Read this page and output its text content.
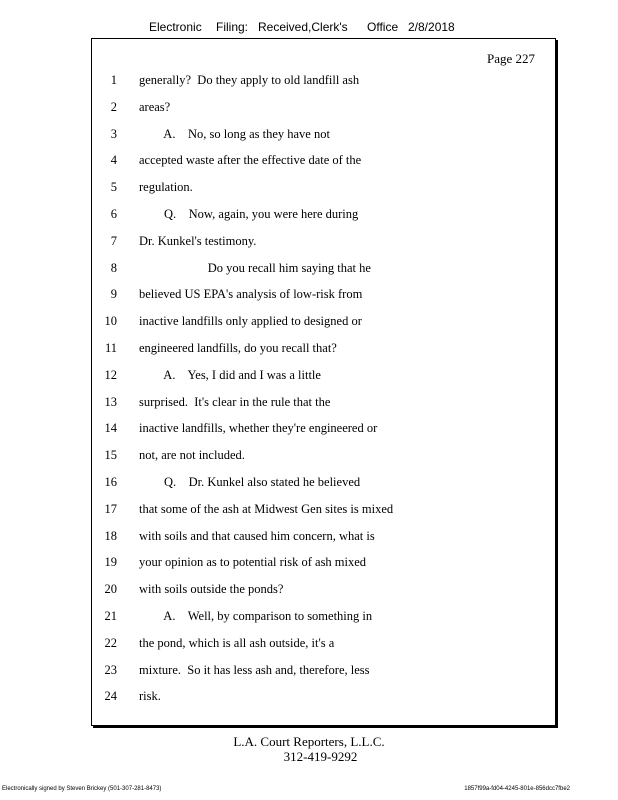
Electronic Filing: Received,Clerk's Office 2/8/2018
Page 227
1 generally?  Do they apply to old landfill ash
2 areas?
3 A.    No, so long as they have not
4 accepted waste after the effective date of the
5 regulation.
6 Q.    Now, again, you were here during
7 Dr. Kunkel's testimony.
8 Do you recall him saying that he
9 believed US EPA's analysis of low-risk from
10 inactive landfills only applied to designed or
11 engineered landfills, do you recall that?
12 A.    Yes, I did and I was a little
13 surprised.  It's clear in the rule that the
14 inactive landfills, whether they're engineered or
15 not, are not included.
16 Q.    Dr. Kunkel also stated he believed
17 that some of the ash at Midwest Gen sites is mixed
18 with soils and that caused him concern, what is
19 your opinion as to potential risk of ash mixed
20 with soils outside the ponds?
21 A.    Well, by comparison to something in
22 the pond, which is all ash outside, it's a
23 mixture.  So it has less ash and, therefore, less
24 risk.
L.A. Court Reporters, L.L.C.
312-419-9292
Electronically signed by Steven Brickey (501-307-281-8473)	1857f99a-fd04-4245-801e-856dcc7fbe2
